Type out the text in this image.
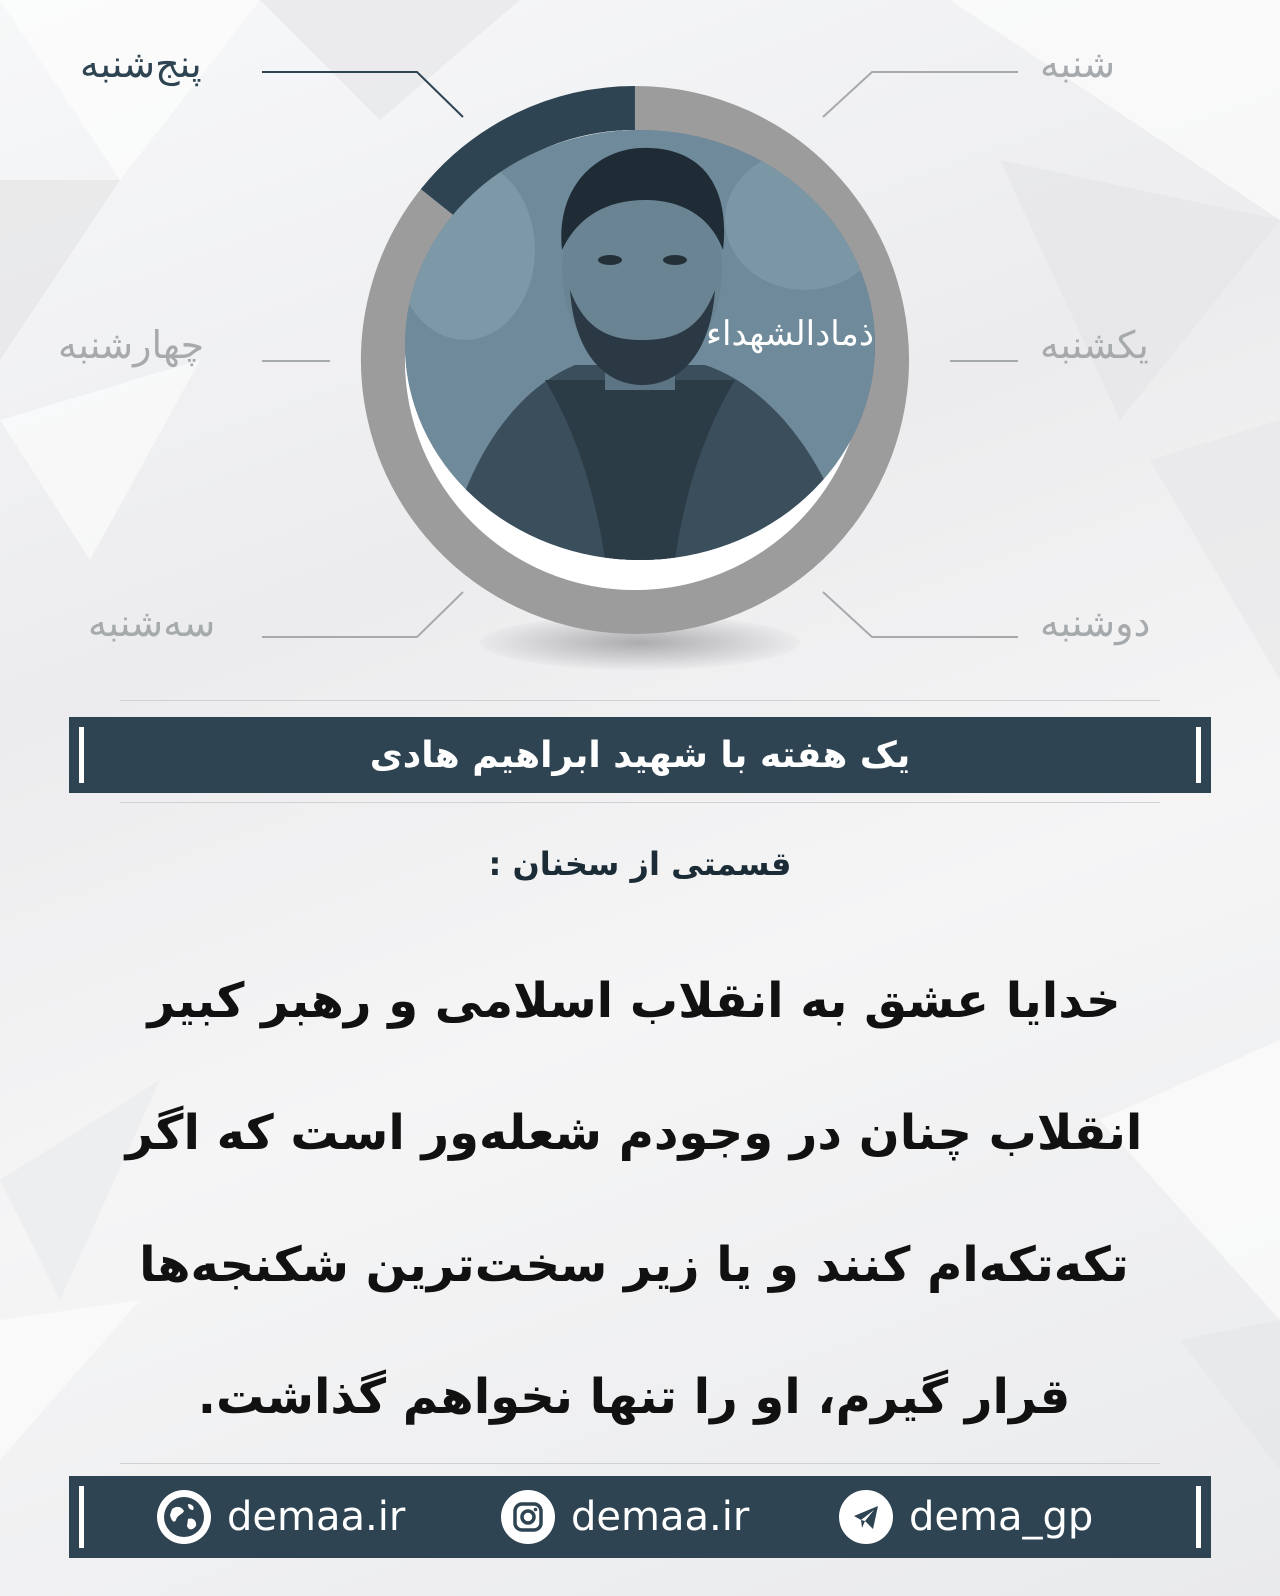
شنبه
یکشنبه
دوشنبه
پنج‌شنبه
چهارشنبه
سه‌شنبه
ذمادالشهداء
یک هفته با شهید ابراهیم هادی
قسمتی از سخنان :
خدایا عشق به انقلاب اسلامی و رهبر کبیر
انقلاب چنان در وجودم شعله‌ور است که اگر
تکه‌تکه‌ام کنند و یا زیر سخت‌ترین شکنجه‌ها
قرار گیرم، او را تنها نخواهم گذاشت.
demaa.ir	demaa.ir	dema_gp
